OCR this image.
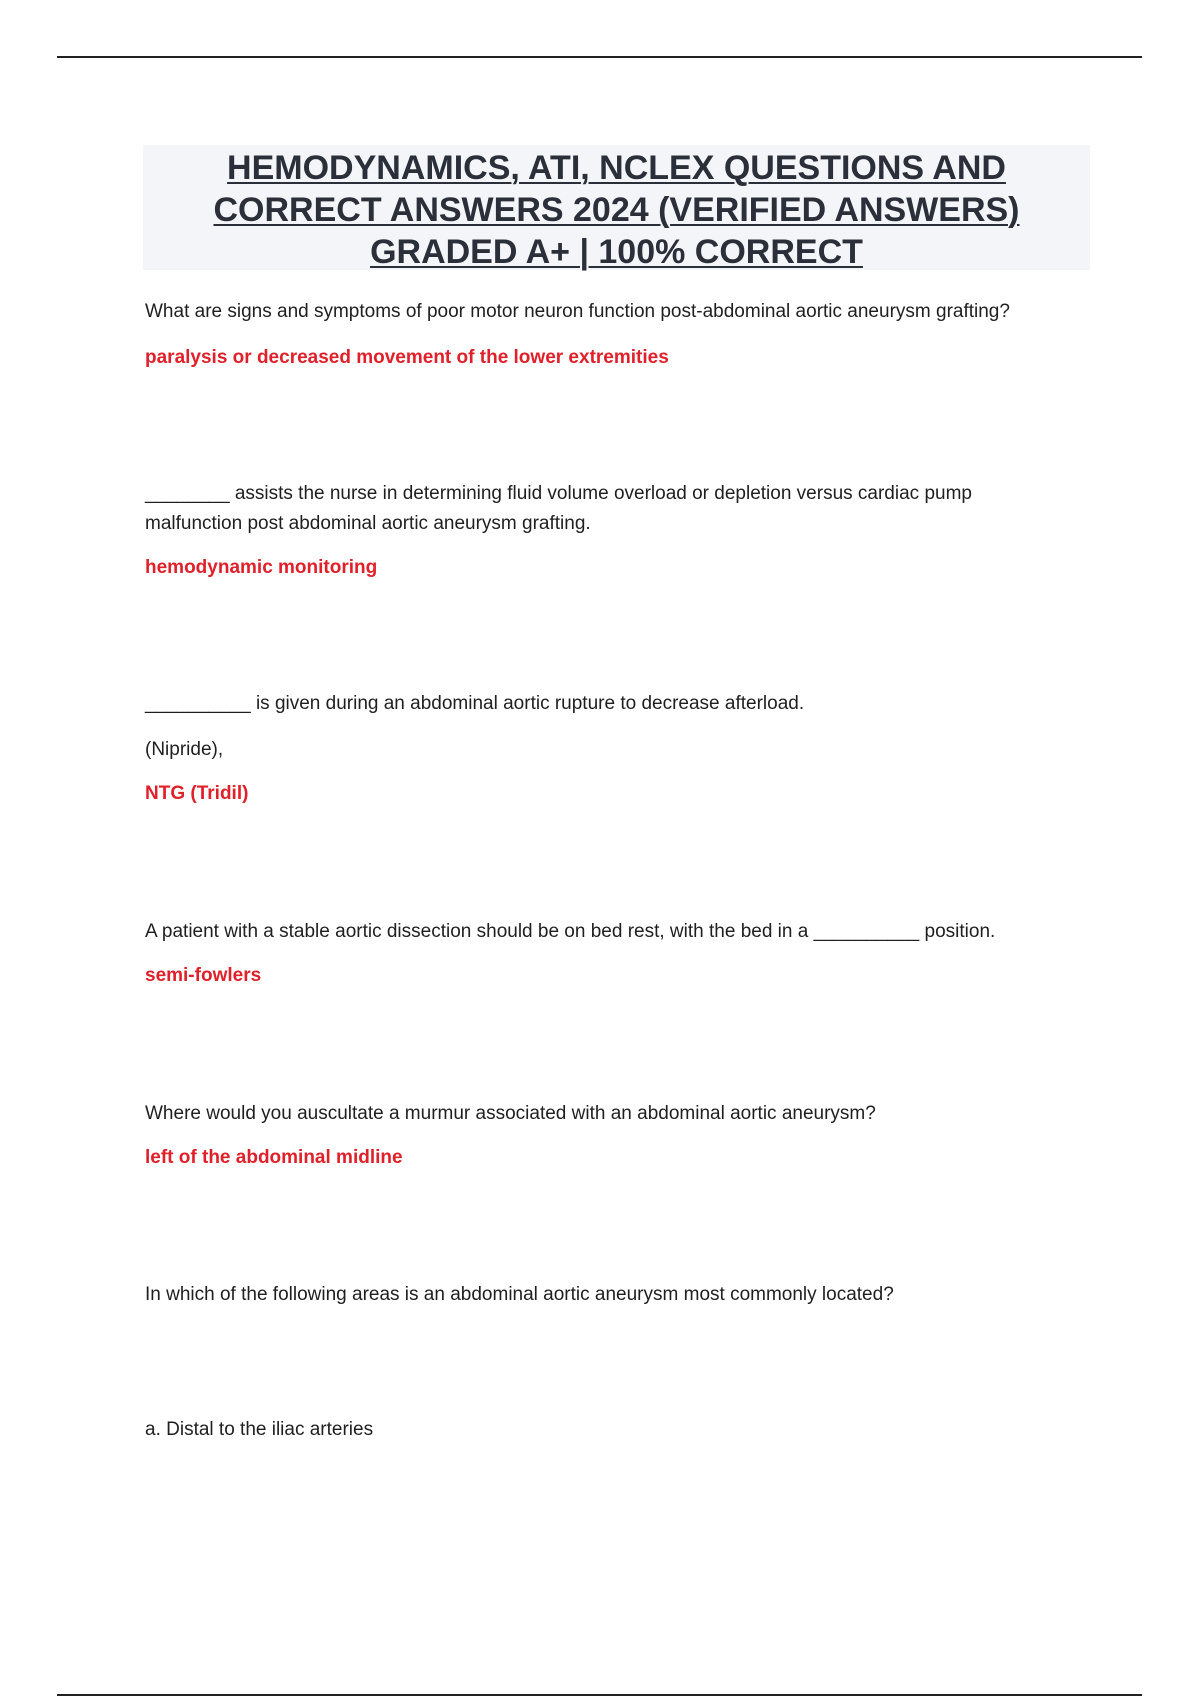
HEMODYNAMICS, ATI, NCLEX QUESTIONS AND
CORRECT ANSWERS 2024 (VERIFIED ANSWERS)
GRADED A+ | 100% CORRECT

What are signs and symptoms of poor motor neuron function post-abdominal aortic aneurysm grafting?

paralysis or decreased movement of the lower extremities

________ assists the nurse in determining fluid volume overload or depletion versus cardiac pump

malfunction post abdominal aortic aneurysm grafting.

hemodynamic monitoring

__________ is given during an abdominal aortic rupture to decrease afterload.

(Nipride),

NTG (Tridil)

A patient with a stable aortic dissection should be on bed rest, with the bed in a __________ position.

semi-fowlers

Where would you auscultate a murmur associated with an abdominal aortic aneurysm?

left of the abdominal midline

In which of the following areas is an abdominal aortic aneurysm most commonly located?

a. Distal to the iliac arteries
